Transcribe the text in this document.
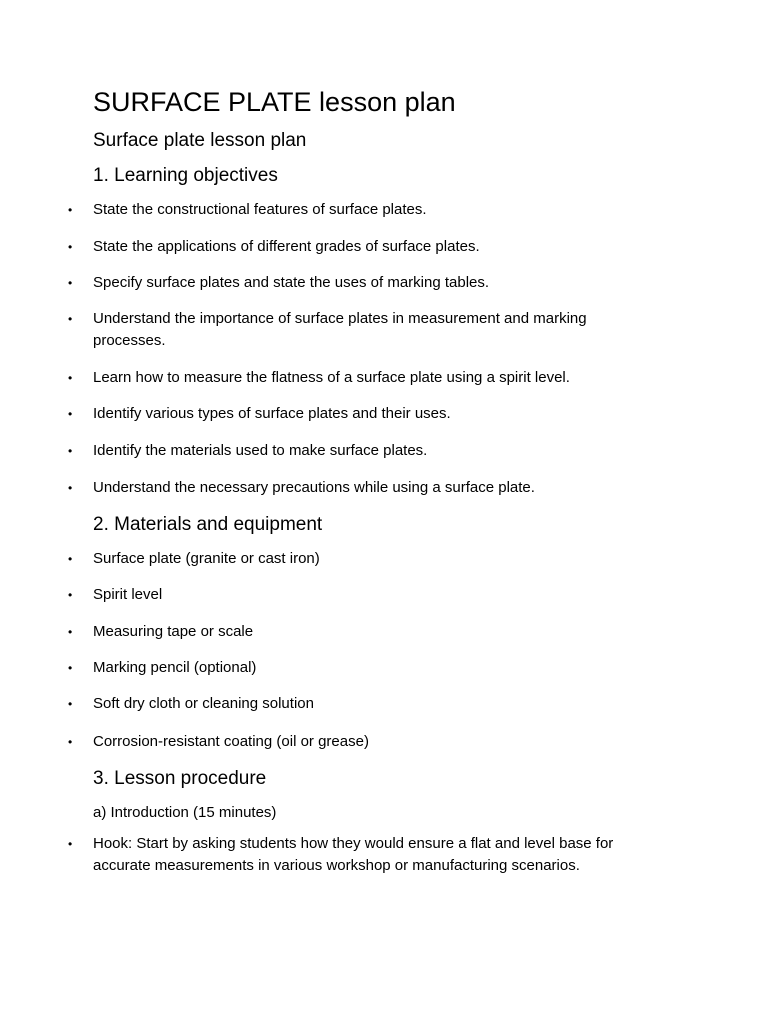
SURFACE PLATE lesson plan
Surface plate lesson plan
1. Learning objectives
• State the constructional features of surface plates.
• State the applications of different grades of surface plates.
• Specify surface plates and state the uses of marking tables.
• Understand the importance of surface plates in measurement and marking processes.
• Learn how to measure the flatness of a surface plate using a spirit level.
• Identify various types of surface plates and their uses.
• Identify the materials used to make surface plates.
• Understand the necessary precautions while using a surface plate.
2. Materials and equipment
• Surface plate (granite or cast iron)
• Spirit level
• Measuring tape or scale
• Marking pencil (optional)
• Soft dry cloth or cleaning solution
• Corrosion-resistant coating (oil or grease)
3. Lesson procedure

a) Introduction (15 minutes)

• Hook: Start by asking students how they would ensure a flat and level base for accurate measurements in various workshop or manufacturing scenarios.
